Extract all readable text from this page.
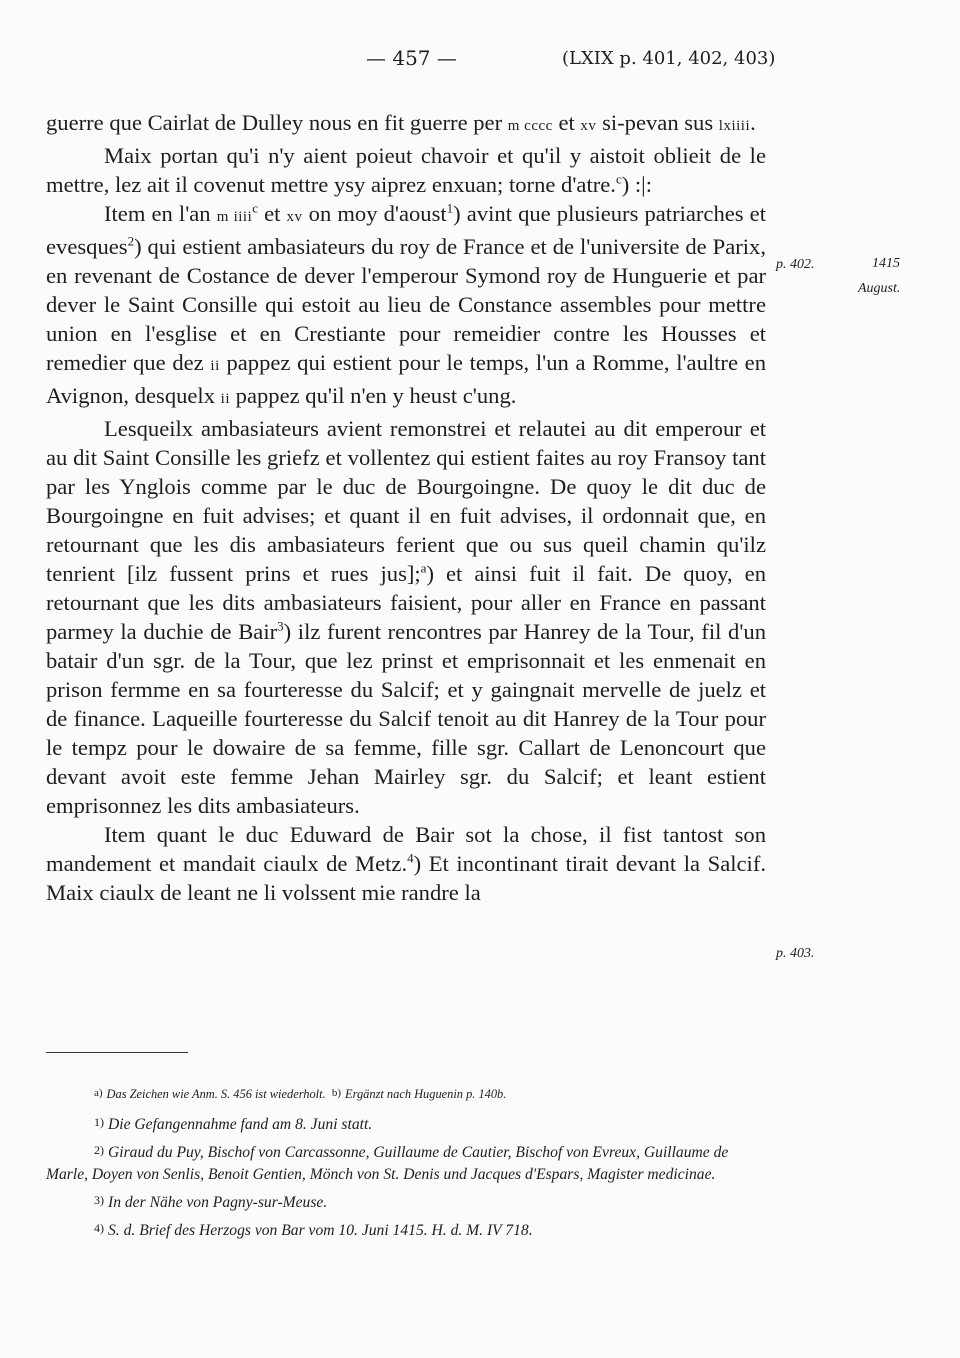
— 457 —	(LXIX p. 401, 402, 403)

guerre que Cairlat de Dulley nous en fit guerre per m cccc et xv si-pevan sus lxiiii.

Maix portan qu'i n'y aient poieut chavoir et qu'il y aistoit oblieit de le mettre, lez ait il covenut mettre ysy aiprez enxuan; torne d'atre.$^c$) :|:

Item en l'an m iiii$^c$ et xv on moy d'aoust$^1$) avint que plusieurs patriarches et evesques$^2$) qui estient ambasiateurs du roy de France et de l'universite de Parix, en revenant de Costance de dever l'emperour Symond roy de Hunguerie et par dever le Saint Consille qui estoit au lieu de Constance assembles pour mettre union en l'esglise et en Crestiante pour remeidier contre les Housses et remedier que dez ii pappez qui estient pour le temps, l'un a Romme, l'aultre en Avignon, desquelx ii pappez qu'il n'en y heust c'ung.

Lesqueilx ambasiateurs avient remonstrei et relautei au dit emperour et au dit Saint Consille les griefz et vollentez qui estient faites au roy Fransoy tant par les Ynglois comme par le duc de Bourgoingne. De quoy le dit duc de Bourgoingne en fuit advises; et quant il en fuit advises, il ordonnait que, en retournant que les dis ambasiateurs ferient que ou sus queil chamin qu'ilz tenrient [ilz fussent prins et rues jus];$^a$) et ainsi fuit il fait. De quoy, en retournant que les dits ambasiateurs faisient, pour aller en France en passant parmey la duchie de Bair$^3$) ilz furent rencontres par Hanrey de la Tour, fil d'un batair d'un sgr. de la Tour, que lez prinst et emprisonnait et les enmenait en prison fermme en sa fourteresse du Salcif; et y gaingnait mervelle de juelz et de finance. Laqueille fourteresse du Salcif tenoit au dit Hanrey de la Tour pour le tempz pour le dowaire de sa femme, fille sgr. Callart de Lenoncourt que devant avoit este femme Jehan Mairley sgr. du Salcif; et leant estient emprisonnez les dits ambasiateurs.

Item quant le duc Eduward de Bair sot la chose, il fist tantost son mandement et mandait ciaulx de Metz.$^4$) Et incontinant tirait devant la Salcif. Maix ciaulx de leant ne li volssent mie randre la

p. 402.	1415
August.
p. 403.

a) Das Zeichen wie Anm. S. 456 ist wiederholt. b) Ergänzt nach Huguenin p. 140b.

1) Die Gefangennahme fand am 8. Juni statt.

2) Giraud du Puy, Bischof von Carcassonne, Guillaume de Cautier, Bischof von Evreux, Guillaume de Marle, Doyen von Senlis, Benoit Gentien, Mönch von St. Denis und Jacques d'Espars, Magister medicinae.

3) In der Nähe von Pagny-sur-Meuse.

4) S. d. Brief des Herzogs von Bar vom 10. Juni 1415. H. d. M. IV 718.
